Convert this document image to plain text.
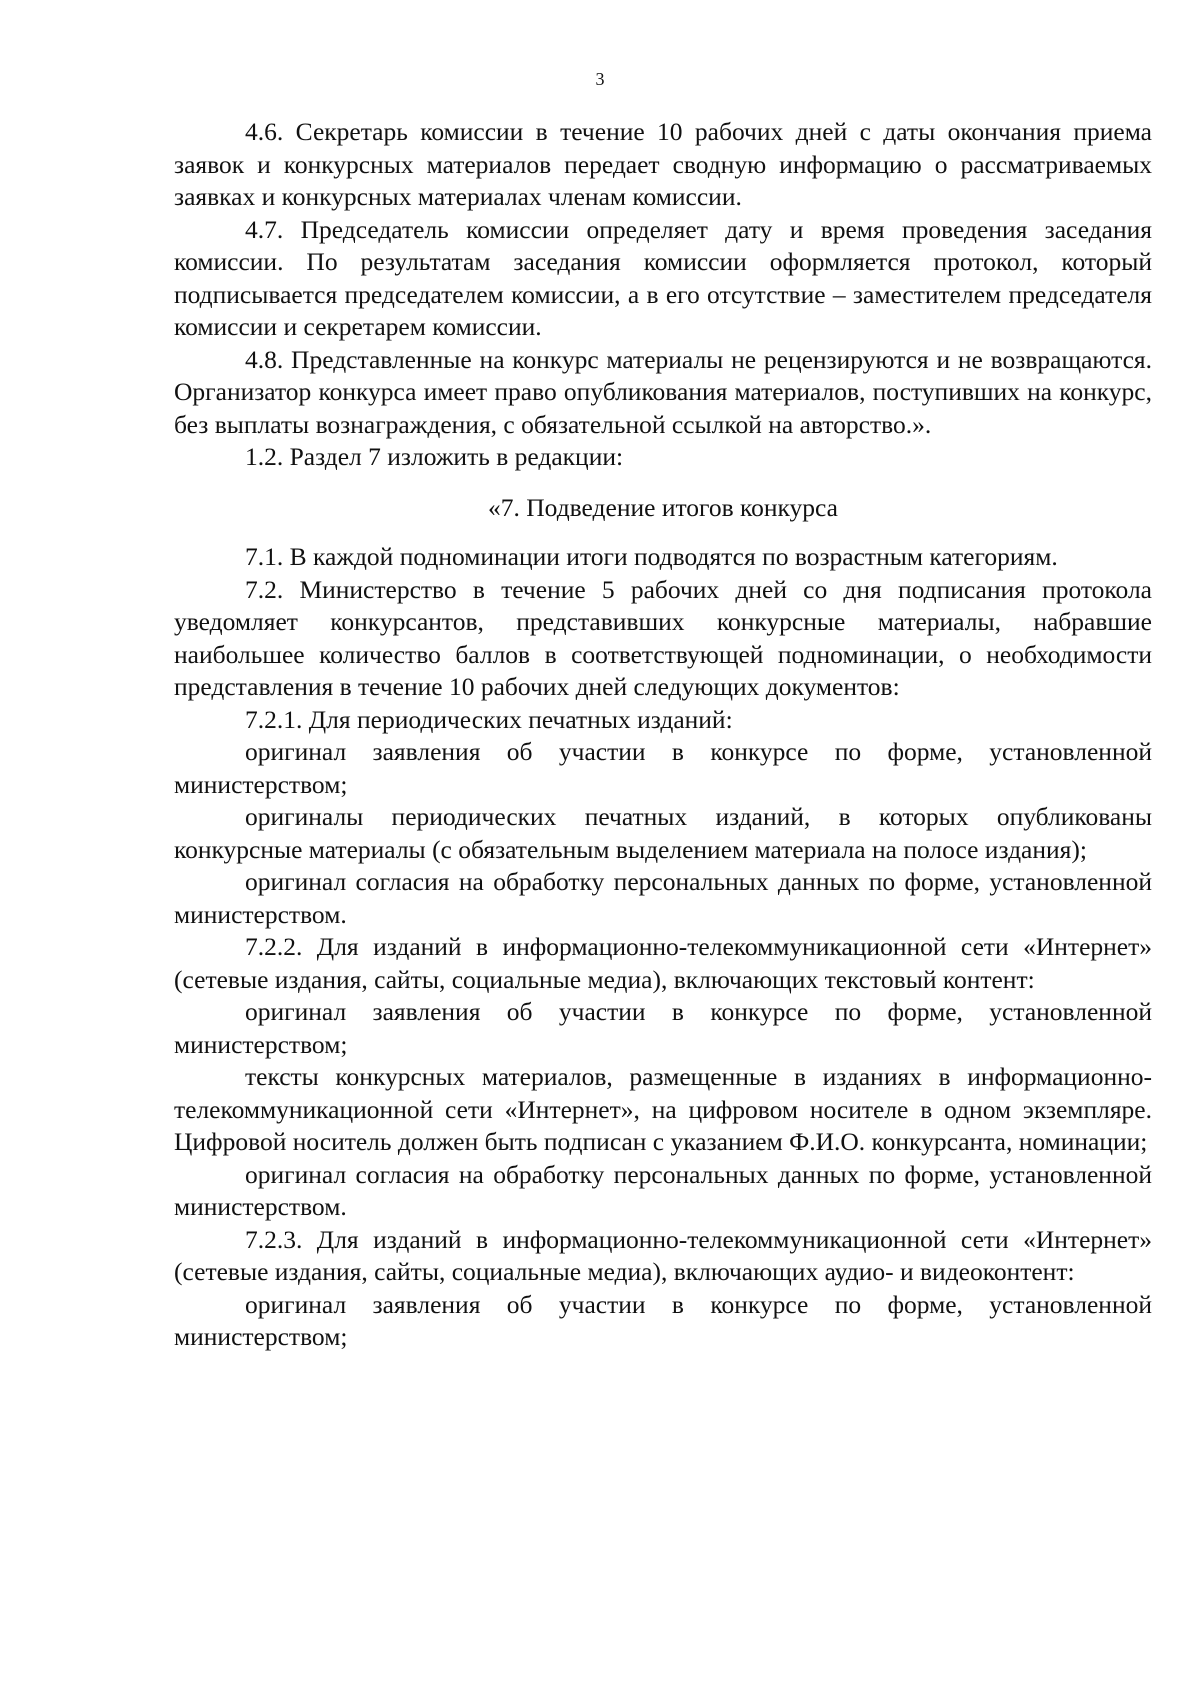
3

4.6. Секретарь комиссии в течение 10 рабочих дней с даты окончания приема заявок и конкурсных материалов передает сводную информацию о рассматриваемых заявках и конкурсных материалах членам комиссии.

4.7. Председатель комиссии определяет дату и время проведения заседания комиссии. По результатам заседания комиссии оформляется протокол, который подписывается председателем комиссии, а в его отсутствие – заместителем председателя комиссии и секретарем комиссии.

4.8. Представленные на конкурс материалы не рецензируются и не возвращаются. Организатор конкурса имеет право опубликования материалов, поступивших на конкурс, без выплаты вознаграждения, с обязательной ссылкой на авторство.».

1.2. Раздел 7 изложить в редакции:

«7. Подведение итогов конкурса

7.1. В каждой подноминации итоги подводятся по возрастным категориям.

7.2. Министерство в течение 5 рабочих дней со дня подписания протокола уведомляет конкурсантов, представивших конкурсные материалы, набравшие наибольшее количество баллов в соответствующей подноминации, о необходимости представления в течение 10 рабочих дней следующих документов:

7.2.1. Для периодических печатных изданий:

оригинал заявления об участии в конкурсе по форме, установленной министерством;

оригиналы периодических печатных изданий, в которых опубликованы конкурсные материалы (с обязательным выделением материала на полосе издания);

оригинал согласия на обработку персональных данных по форме, установленной министерством.

7.2.2. Для изданий в информационно-телекоммуникационной сети «Интернет» (сетевые издания, сайты, социальные медиа), включающих текстовый контент:

оригинал заявления об участии в конкурсе по форме, установленной министерством;

тексты конкурсных материалов, размещенные в изданиях в информационно-телекоммуникационной сети «Интернет», на цифровом носителе в одном экземпляре. Цифровой носитель должен быть подписан с указанием Ф.И.О. конкурсанта, номинации;

оригинал согласия на обработку персональных данных по форме, установленной министерством.

7.2.3. Для изданий в информационно-телекоммуникационной сети «Интернет» (сетевые издания, сайты, социальные медиа), включающих аудио- и видеоконтент:

оригинал заявления об участии в конкурсе по форме, установленной министерством;
